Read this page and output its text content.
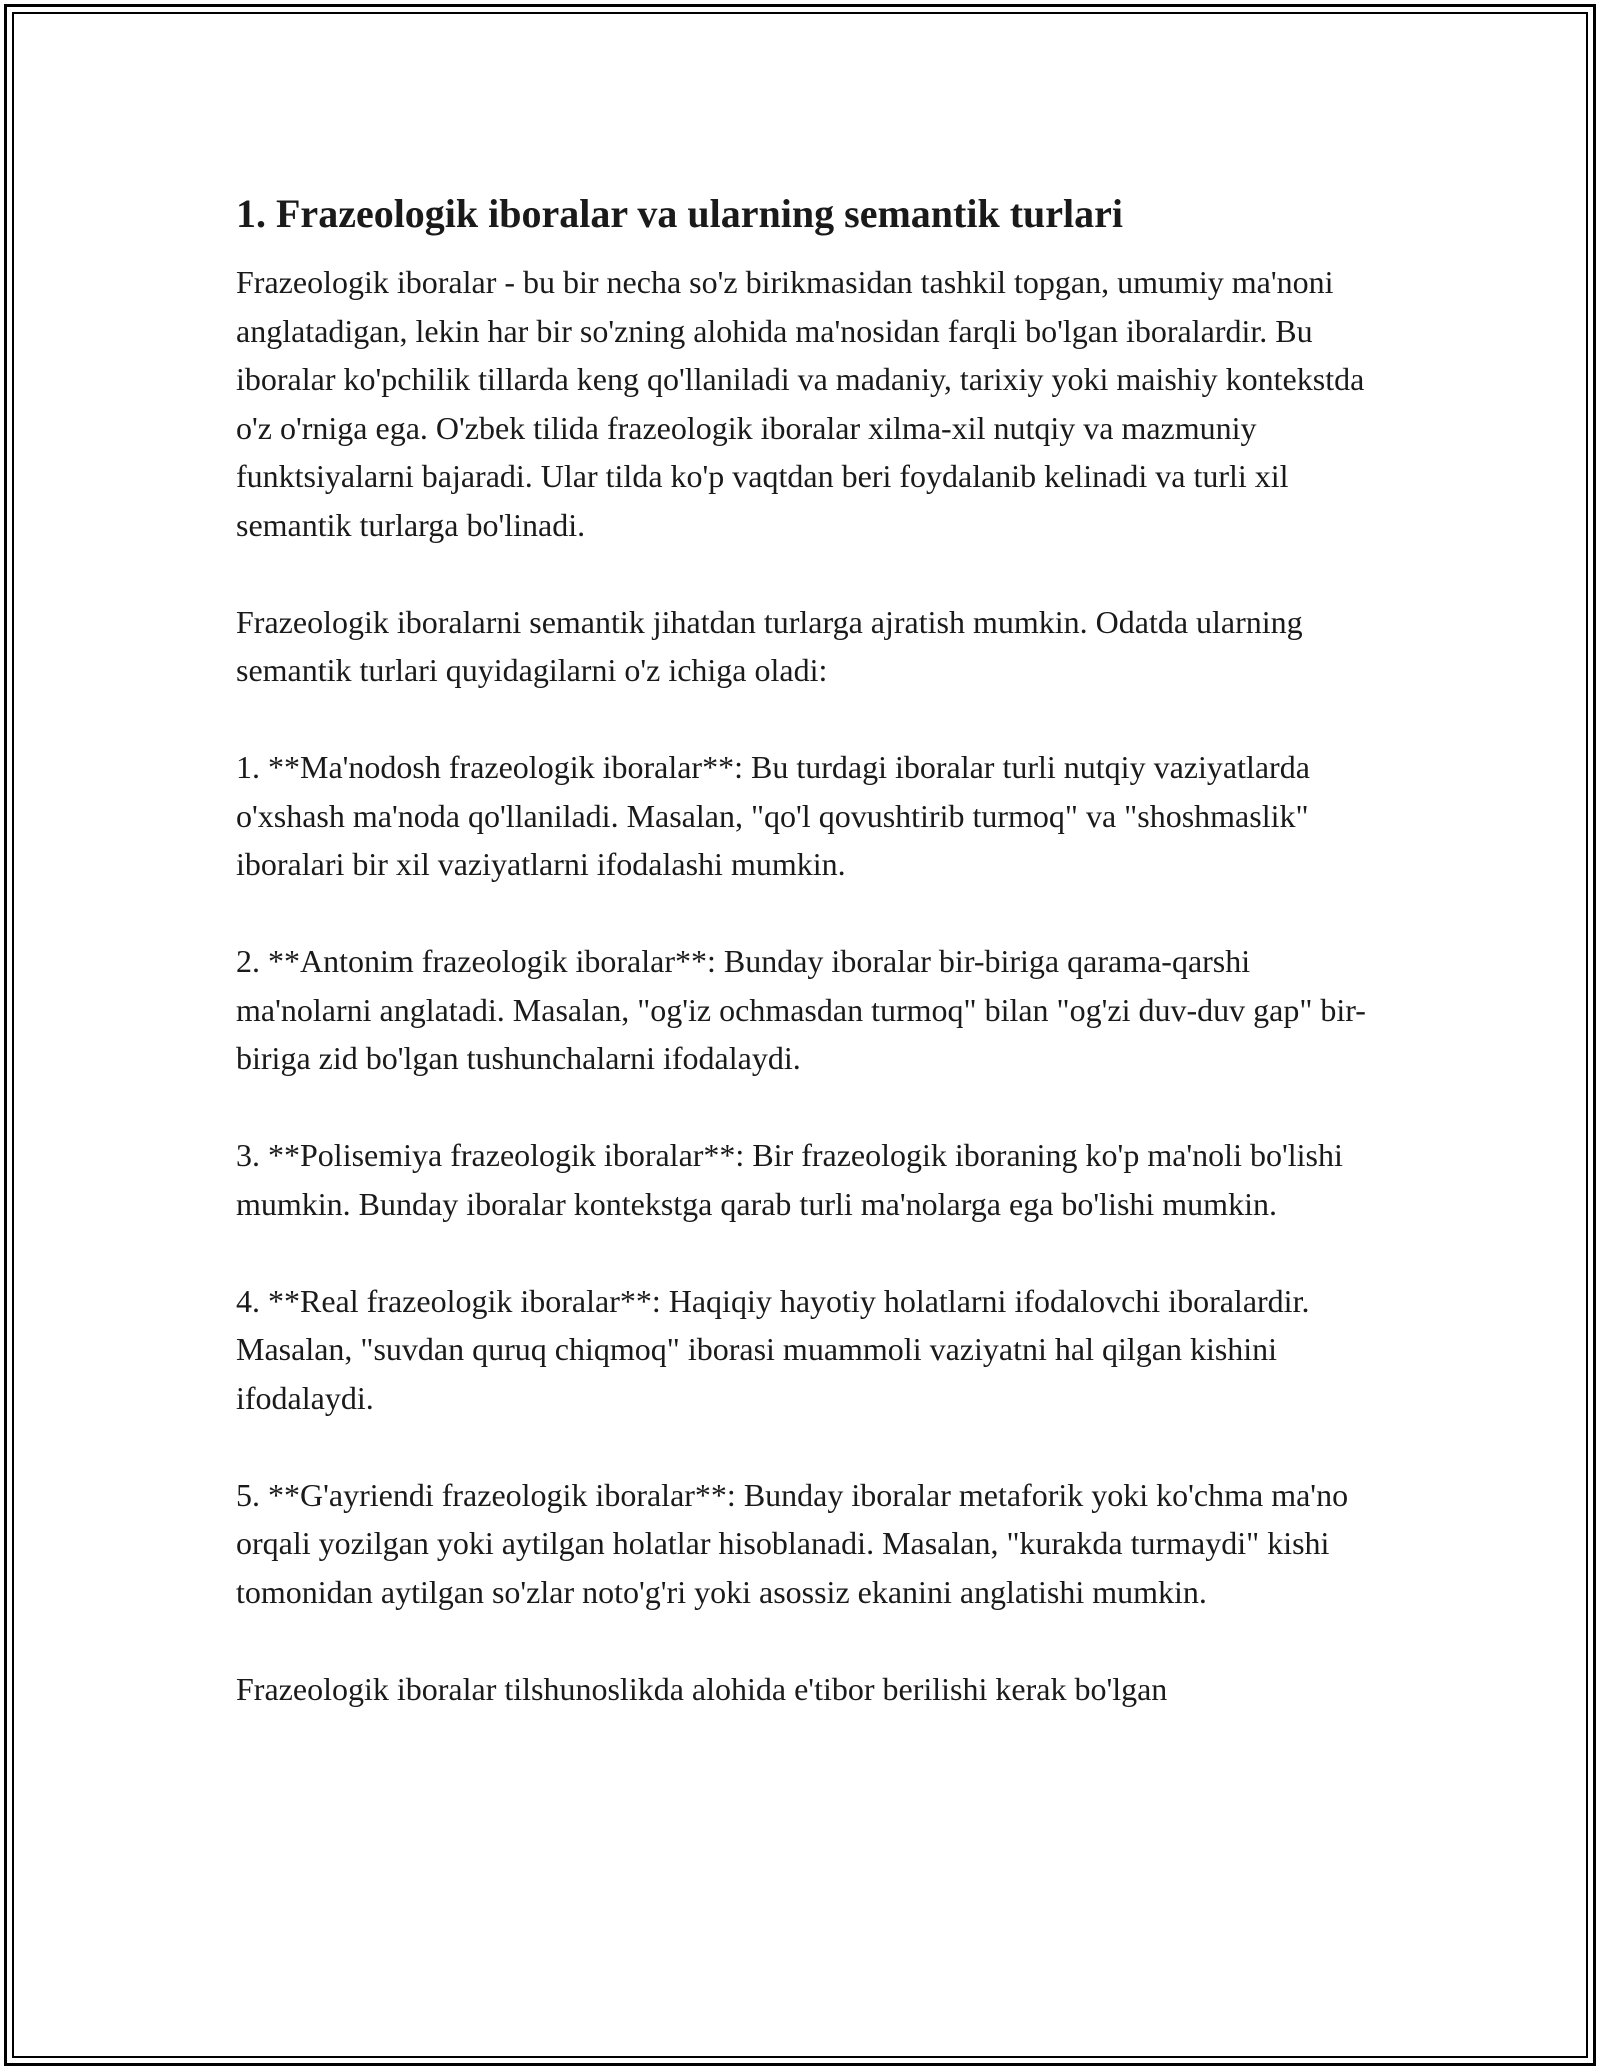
1. Frazeologik iboralar va ularning semantik turlari

Frazeologik iboralar - bu bir necha so'z birikmasidan tashkil topgan, umumiy ma'noni anglatadigan, lekin har bir so'zning alohida ma'nosidan farqli bo'lgan iboralardir. Bu iboralar ko'pchilik tillarda keng qo'llaniladi va madaniy, tarixiy yoki maishiy kontekstda o'z o'rniga ega. O'zbek tilida frazeologik iboralar xilma-xil nutqiy va mazmuniy funktsiyalarni bajaradi. Ular tilda ko'p vaqtdan beri foydalanib kelinadi va turli xil semantik turlarga bo'linadi.

Frazeologik iboralarni semantik jihatdan turlarga ajratish mumkin. Odatda ularning semantik turlari quyidagilarni o'z ichiga oladi:

1. **Ma'nodosh frazeologik iboralar**: Bu turdagi iboralar turli nutqiy vaziyatlarda o'xshash ma'noda qo'llaniladi. Masalan, "qo'l qovushtirib turmoq" va "shoshmaslik" iboralari bir xil vaziyatlarni ifodalashi mumkin.

2. **Antonim frazeologik iboralar**: Bunday iboralar bir-biriga qarama-qarshi ma'nolarni anglatadi. Masalan, "og'iz ochmasdan turmoq" bilan "og'zi duv-duv gap" bir-biriga zid bo'lgan tushunchalarni ifodalaydi.

3. **Polisemiya frazeologik iboralar**: Bir frazeologik iboraning ko'p ma'noli bo'lishi mumkin. Bunday iboralar kontekstga qarab turli ma'nolarga ega bo'lishi mumkin.

4. **Real frazeologik iboralar**: Haqiqiy hayotiy holatlarni ifodalovchi iboralardir. Masalan, "suvdan quruq chiqmoq" iborasi muammoli vaziyatni hal qilgan kishini ifodalaydi.

5. **G'ayriendi frazeologik iboralar**: Bunday iboralar metaforik yoki ko'chma ma'no orqali yozilgan yoki aytilgan holatlar hisoblanadi. Masalan, "kurakda turmaydi" kishi tomonidan aytilgan so'zlar noto'g'ri yoki asossiz ekanini anglatishi mumkin.

Frazeologik iboralar tilshunoslikda alohida e'tibor berilishi kerak bo'lgan
